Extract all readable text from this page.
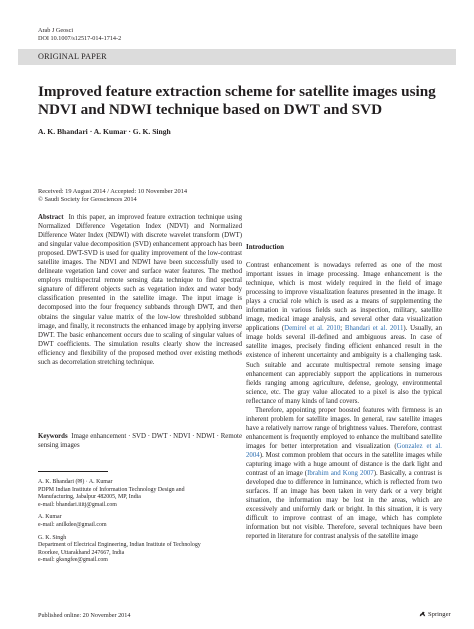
Arab J Geosci
DOI 10.1007/s12517-014-1714-2
ORIGINAL PAPER
Improved feature extraction scheme for satellite images using NDVI and NDWI technique based on DWT and SVD
A. K. Bhandari · A. Kumar · G. K. Singh
Received: 19 August 2014 / Accepted: 10 November 2014
© Saudi Society for Geosciences 2014

Abstract In this paper, an improved feature extraction technique using Normalized Difference Vegetation Index (NDVI) and Normalized Difference Water Index (NDWI) with discrete wavelet transform (DWT) and singular value decomposition (SVD) enhancement approach has been proposed. DWT-SVD is used for quality improvement of the low-contrast satellite images. The NDVI and NDWI have been successfully used to delineate vegetation land cover and surface water features. The method employs multispectral remote sensing data technique to find spectral signature of different objects such as vegetation index and water body classification presented in the satellite image. The input image is decomposed into the four frequency subbands through DWT, and then obtains the singular value matrix of the low-low thresholded subband image, and finally, it reconstructs the enhanced image by applying inverse DWT. The basic enhancement occurs due to scaling of singular values of DWT coefficients. The simulation results clearly show the increased efficiency and flexibility of the proposed method over existing methods such as decorrelation stretching technique.

Keywords Image enhancement · SVD · DWT · NDVI · NDWI · Remote sensing images

A. K. Bhandari (✉) · A. Kumar
PDPM Indian Institute of Information Technology Design and
Manufacturing, Jabalpur 482005, MP, India
e-mail: bhandari.iiitj@gmail.com

A. Kumar
e-mail: anilkdee@gmail.com

G. K. Singh
Department of Electrical Engineering, Indian Institute of Technology
Roorkee, Uttarakhand 247667, India
e-mail: gksngfee@gmail.com

Introduction

Contrast enhancement is nowadays referred as one of the most important issues in image processing. Image enhancement is the technique, which is most widely required in the field of image processing to improve visualization features presented in the image. It plays a crucial role which is used as a means of supplementing the information in various fields such as inspection, military, satellite image, medical image analysis, and several other data visualization applications (Demirel et al. 2010; Bhandari et al. 2011). Usually, an image holds several ill-defined and ambiguous areas. In case of satellite images, precisely finding efficient enhanced result in the existence of inherent uncertainty and ambiguity is a challenging task. Such suitable and accurate multispectral remote sensing image enhancement can appreciably support the applications in numerous fields ranging among agriculture, defense, geology, environmental science, etc. The gray value allocated to a pixel is also the typical reflectance of many kinds of land covers.

Therefore, appointing proper boosted features with firmness is an inherent problem for satellite images. In general, raw satellite images have a relatively narrow range of brightness values. Therefore, contrast enhancement is frequently employed to enhance the multiband satellite images for better interpretation and visualization (Gonzalez et al. 2004). Most common problem that occurs in the satellite images while capturing image with a huge amount of distance is the dark light and contrast of an image (Ibrahim and Kong 2007). Basically, a contrast is developed due to difference in luminance, which is reflected from two surfaces. If an image has been taken in very dark or a very bright situation, the information may be lost in the areas, which are excessively and uniformly dark or bright. In this situation, it is very difficult to improve contrast of an image, which has complete information but not visible. Therefore, several techniques have been reported in literature for contrast analysis of the satellite image

Published online: 20 November 2014	Springer
